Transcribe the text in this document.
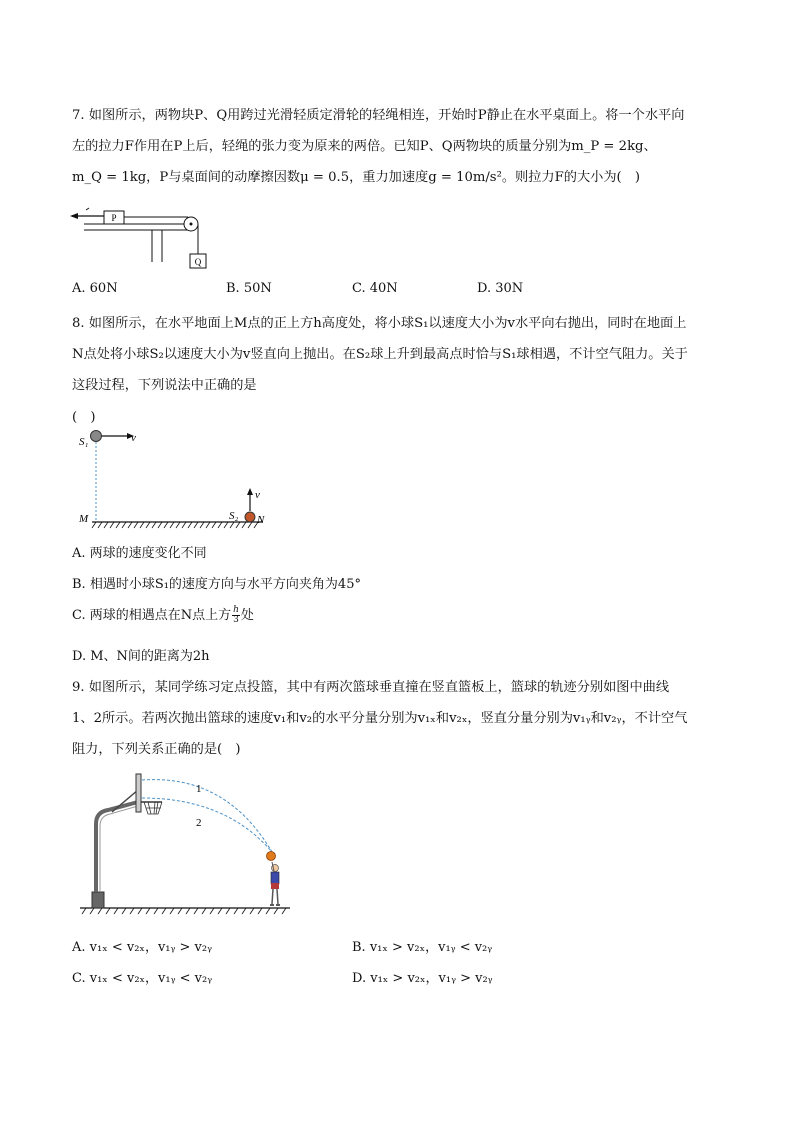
7. 如图所示，两物块P、Q用跨过光滑轻质定滑轮的轻绳相连，开始时P静止在水平桌面上。将一个水平向
左的拉力F作用在P上后，轻绳的张力变为原来的两倍。已知P、Q两物块的质量分别为m_P = 2kg、
m_Q = 1kg，P与桌面间的动摩擦因数μ = 0.5，重力加速度g = 10m/s²。则拉力F的大小为(　)
P
Q
A. 60N	B. 50N	C. 40N	D. 30N
8. 如图所示，在水平地面上M点的正上方h高度处，将小球S₁以速度大小为v水平向右抛出，同时在地面上
N点处将小球S₂以速度大小为v竖直向上抛出。在S₂球上升到最高点时恰与S₁球相遇，不计空气阻力。关于
这段过程，下列说法中正确的是
(　)
v
S₁
M
v
S₂ N
A. 两球的速度变化不同
B. 相遇时小球S₁的速度方向与水平方向夹角为45°
C. 两球的相遇点在N点上方 $\frac{h}{3}$ 处
D. M、N间的距离为2h
9. 如图所示，某同学练习定点投篮，其中有两次篮球垂直撞在竖直篮板上，篮球的轨迹分别如图中曲线
1、2所示。若两次抛出篮球的速度v₁和v₂的水平分量分别为v₁ₓ和v₂ₓ，竖直分量分别为v₁ᵧ和v₂ᵧ，不计空气
阻力，下列关系正确的是(　)
1
2
A. v₁ₓ < v₂ₓ，v₁ᵧ > v₂ᵧ	B. v₁ₓ > v₂ₓ，v₁ᵧ < v₂ᵧ
C. v₁ₓ < v₂ₓ，v₁ᵧ < v₂ᵧ	D. v₁ₓ > v₂ₓ，v₁ᵧ > v₂ᵧ
